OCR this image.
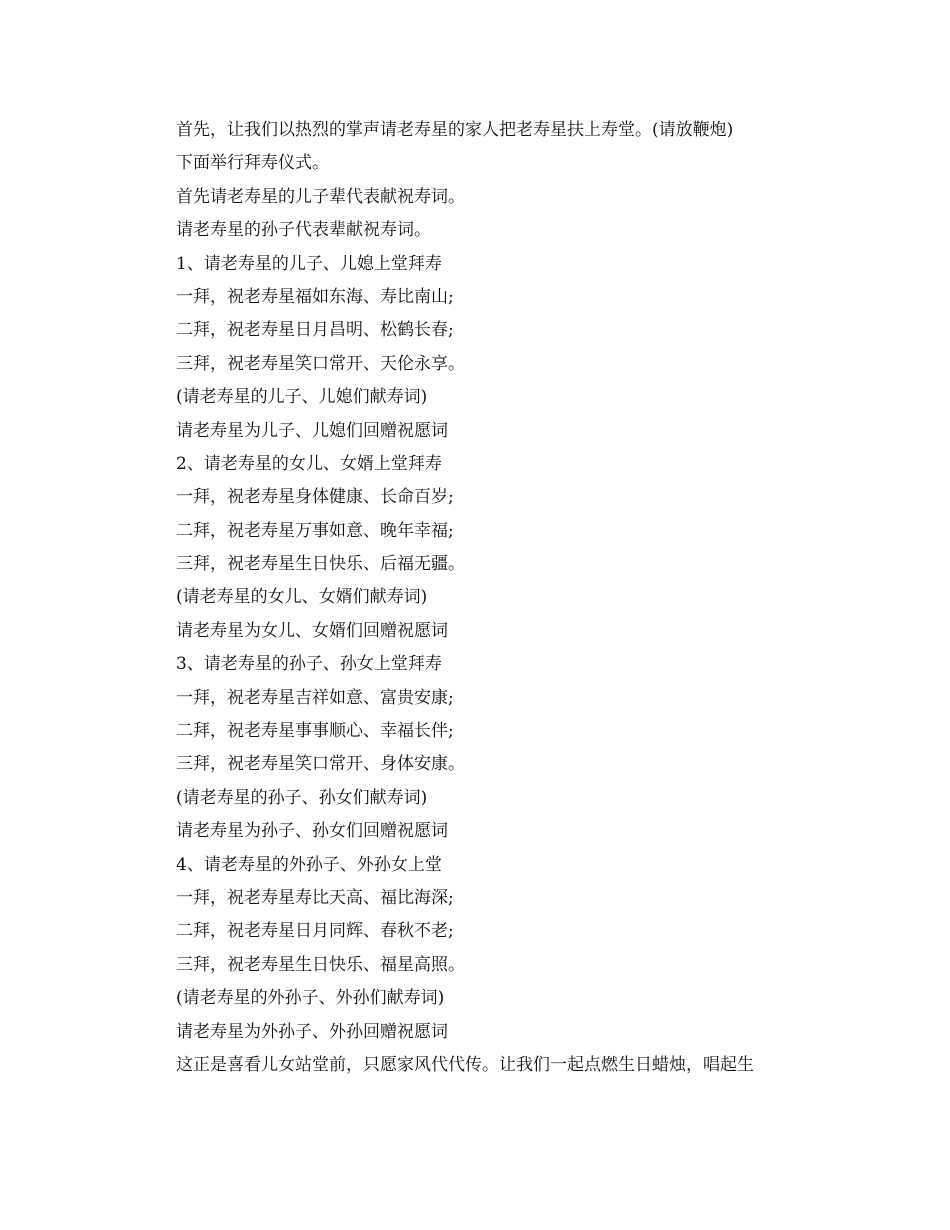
首先，让我们以热烈的掌声请老寿星的家人把老寿星扶上寿堂。(请放鞭炮)
下面举行拜寿仪式。
首先请老寿星的儿子辈代表献祝寿词。
请老寿星的孙子代表辈献祝寿词。
1、请老寿星的儿子、儿媳上堂拜寿
一拜，祝老寿星福如东海、寿比南山;
二拜，祝老寿星日月昌明、松鹤长春;
三拜，祝老寿星笑口常开、天伦永享。
(请老寿星的儿子、儿媳们献寿词)
请老寿星为儿子、儿媳们回赠祝愿词
2、请老寿星的女儿、女婿上堂拜寿
一拜，祝老寿星身体健康、长命百岁;
二拜，祝老寿星万事如意、晚年幸福;
三拜，祝老寿星生日快乐、后福无疆。
(请老寿星的女儿、女婿们献寿词)
请老寿星为女儿、女婿们回赠祝愿词
3、请老寿星的孙子、孙女上堂拜寿
一拜，祝老寿星吉祥如意、富贵安康;
二拜，祝老寿星事事顺心、幸福长伴;
三拜，祝老寿星笑口常开、身体安康。
(请老寿星的孙子、孙女们献寿词)
请老寿星为孙子、孙女们回赠祝愿词
4、请老寿星的外孙子、外孙女上堂
一拜，祝老寿星寿比天高、福比海深;
二拜，祝老寿星日月同辉、春秋不老;
三拜，祝老寿星生日快乐、福星高照。
(请老寿星的外孙子、外孙们献寿词)
请老寿星为外孙子、外孙回赠祝愿词
这正是喜看儿女站堂前，只愿家风代代传。让我们一起点燃生日蜡烛，唱起生
